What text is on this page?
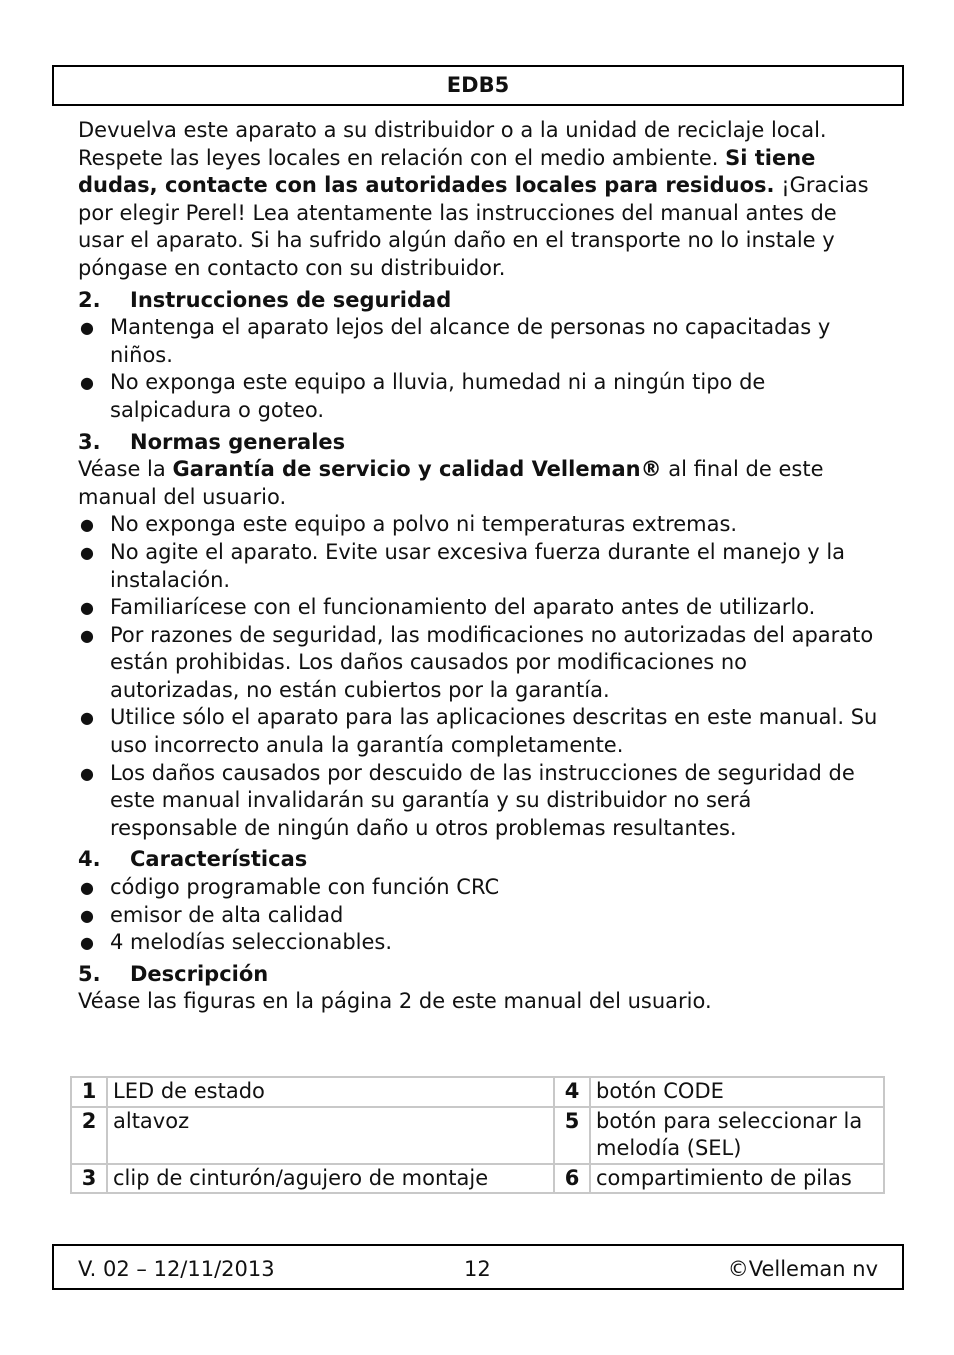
EDB5

Devuelva este aparato a su distribuidor o a la unidad de reciclaje local. Respete las leyes locales en relación con el medio ambiente. Si tiene dudas, contacte con las autoridades locales para residuos. ¡Gracias por elegir Perel! Lea atentamente las instrucciones del manual antes de usar el aparato. Si ha sufrido algún daño en el transporte no lo instale y póngase en contacto con su distribuidor.

2.	Instrucciones de seguridad
● Mantenga el aparato lejos del alcance de personas no capacitadas y niños.
● No exponga este equipo a lluvia, humedad ni a ningún tipo de salpicadura o goteo.
3.	Normas generales

Véase la Garantía de servicio y calidad Velleman® al final de este manual del usuario.

● No exponga este equipo a polvo ni temperaturas extremas.
● No agite el aparato. Evite usar excesiva fuerza durante el manejo y la instalación.
● Familiarícese con el funcionamiento del aparato antes de utilizarlo.
● Por razones de seguridad, las modificaciones no autorizadas del aparato están prohibidas. Los daños causados por modificaciones no autorizadas, no están cubiertos por la garantía.
● Utilice sólo el aparato para las aplicaciones descritas en este manual. Su uso incorrecto anula la garantía completamente.
● Los daños causados por descuido de las instrucciones de seguridad de este manual invalidarán su garantía y su distribuidor no será responsable de ningún daño u otros problemas resultantes.
4.	Características
● código programable con función CRC
● emisor de alta calidad
● 4 melodías seleccionables.
5.	Descripción

Véase las figuras en la página 2 de este manual del usuario.

1	LED de estado	4	botón CODE
2	altavoz	5	botón para seleccionar la melodía (SEL)
3	clip de cinturón/agujero de montaje	6	compartimiento de pilas
V. 02 – 12/11/2013	12	©Velleman nv
